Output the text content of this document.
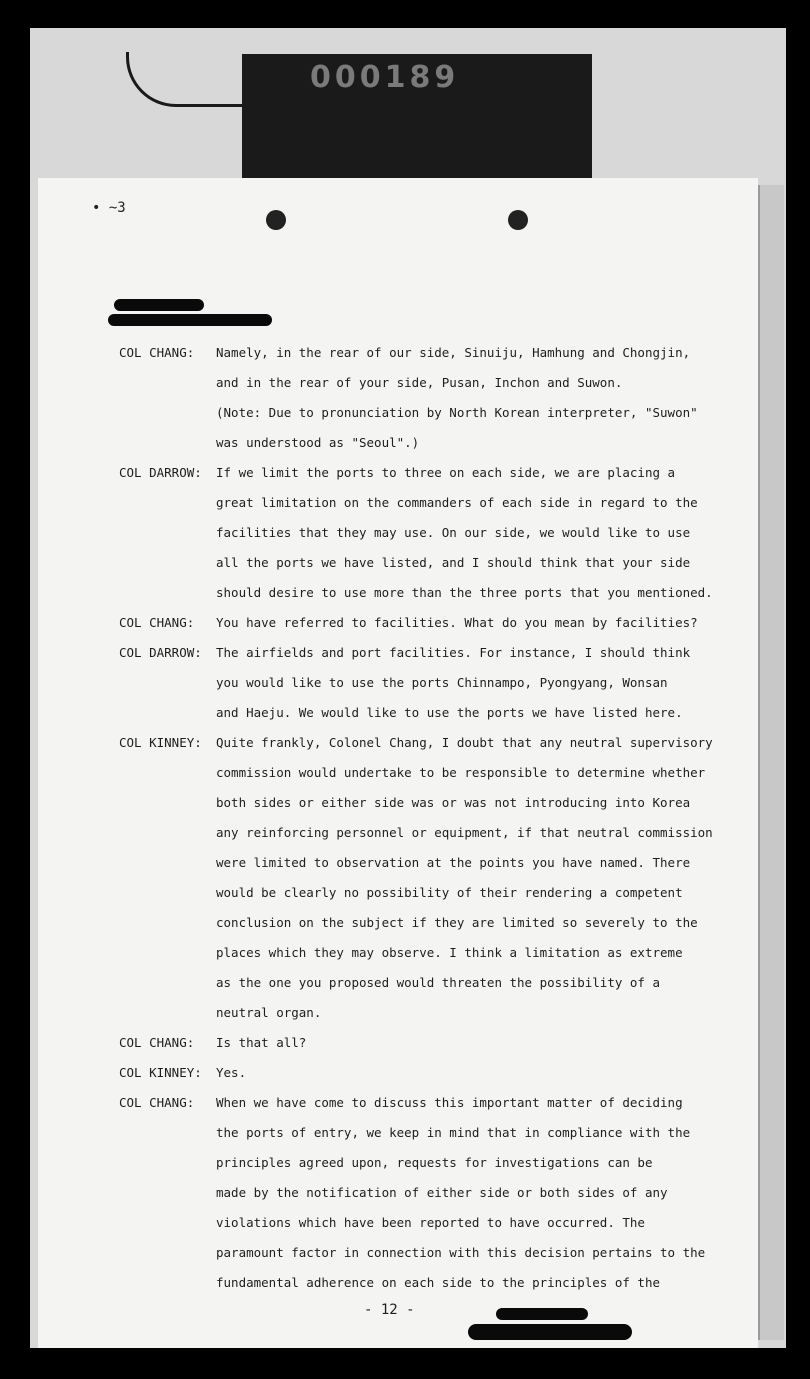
000189
• ~3
COL CHANG:	Namely, in the rear of our side, Sinuiju, Hamhung and Chongjin,
and in the rear of your side, Pusan, Inchon and Suwon.
(Note: Due to pronunciation by North Korean interpreter, "Suwon"
was understood as "Seoul".)
COL DARROW:	If we limit the ports to three on each side, we are placing a
great limitation on the commanders of each side in regard to the
facilities that they may use. On our side, we would like to use
all the ports we have listed, and I should think that your side
should desire to use more than the three ports that you mentioned.
COL CHANG:	You have referred to facilities. What do you mean by facilities?
COL DARROW:	The airfields and port facilities. For instance, I should think
you would like to use the ports Chinnampo, Pyongyang, Wonsan
and Haeju. We would like to use the ports we have listed here.
COL KINNEY:	Quite frankly, Colonel Chang, I doubt that any neutral supervisory
commission would undertake to be responsible to determine whether
both sides or either side was or was not introducing into Korea
any reinforcing personnel or equipment, if that neutral commission
were limited to observation at the points you have named. There
would be clearly no possibility of their rendering a competent
conclusion on the subject if they are limited so severely to the
places which they may observe. I think a limitation as extreme
as the one you proposed would threaten the possibility of a
neutral organ.
COL CHANG:	Is that all?
COL KINNEY:	Yes.
COL CHANG:	When we have come to discuss this important matter of deciding
the ports of entry, we keep in mind that in compliance with the
principles agreed upon, requests for investigations can be
made by the notification of either side or both sides of any
violations which have been reported to have occurred. The
paramount factor in connection with this decision pertains to the
fundamental adherence on each side to the principles of the
- 12 -
